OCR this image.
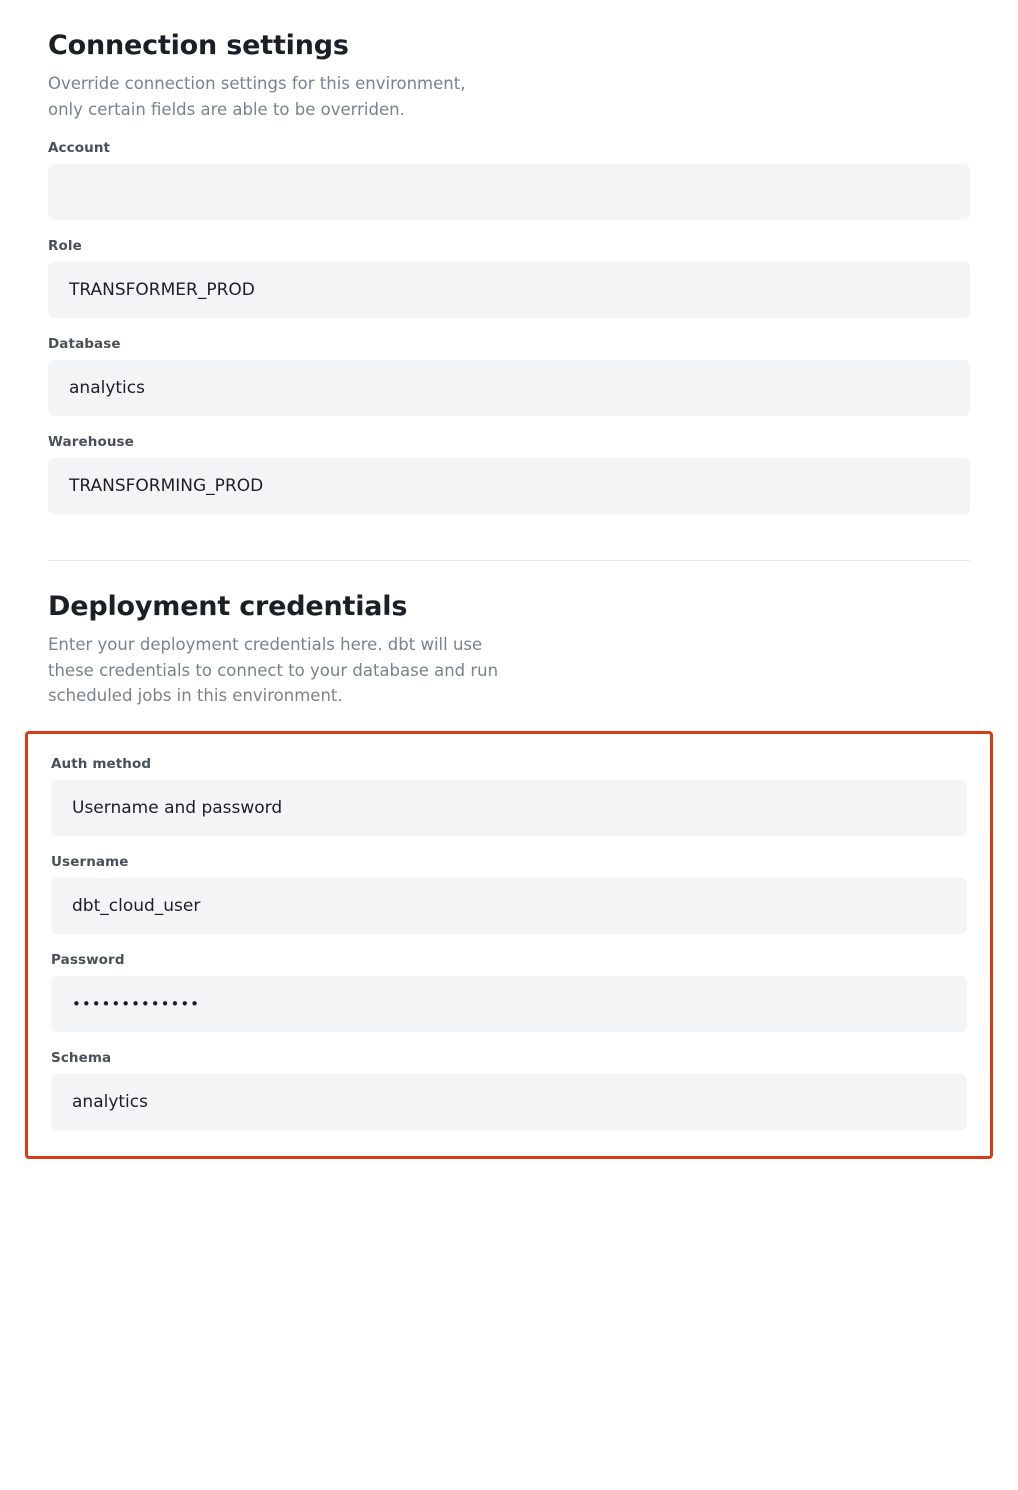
Connection settings

Override connection settings for this environment,
only certain fields are able to be overriden.

Account
Role
TRANSFORMER_PROD
Database
analytics
Warehouse
TRANSFORMING_PROD
Deployment credentials

Enter your deployment credentials here. dbt will use
these credentials to connect to your database and run
scheduled jobs in this environment.

Auth method
Username and password
Username
dbt_cloud_user
Password
•••••••••••••
Schema
analytics
